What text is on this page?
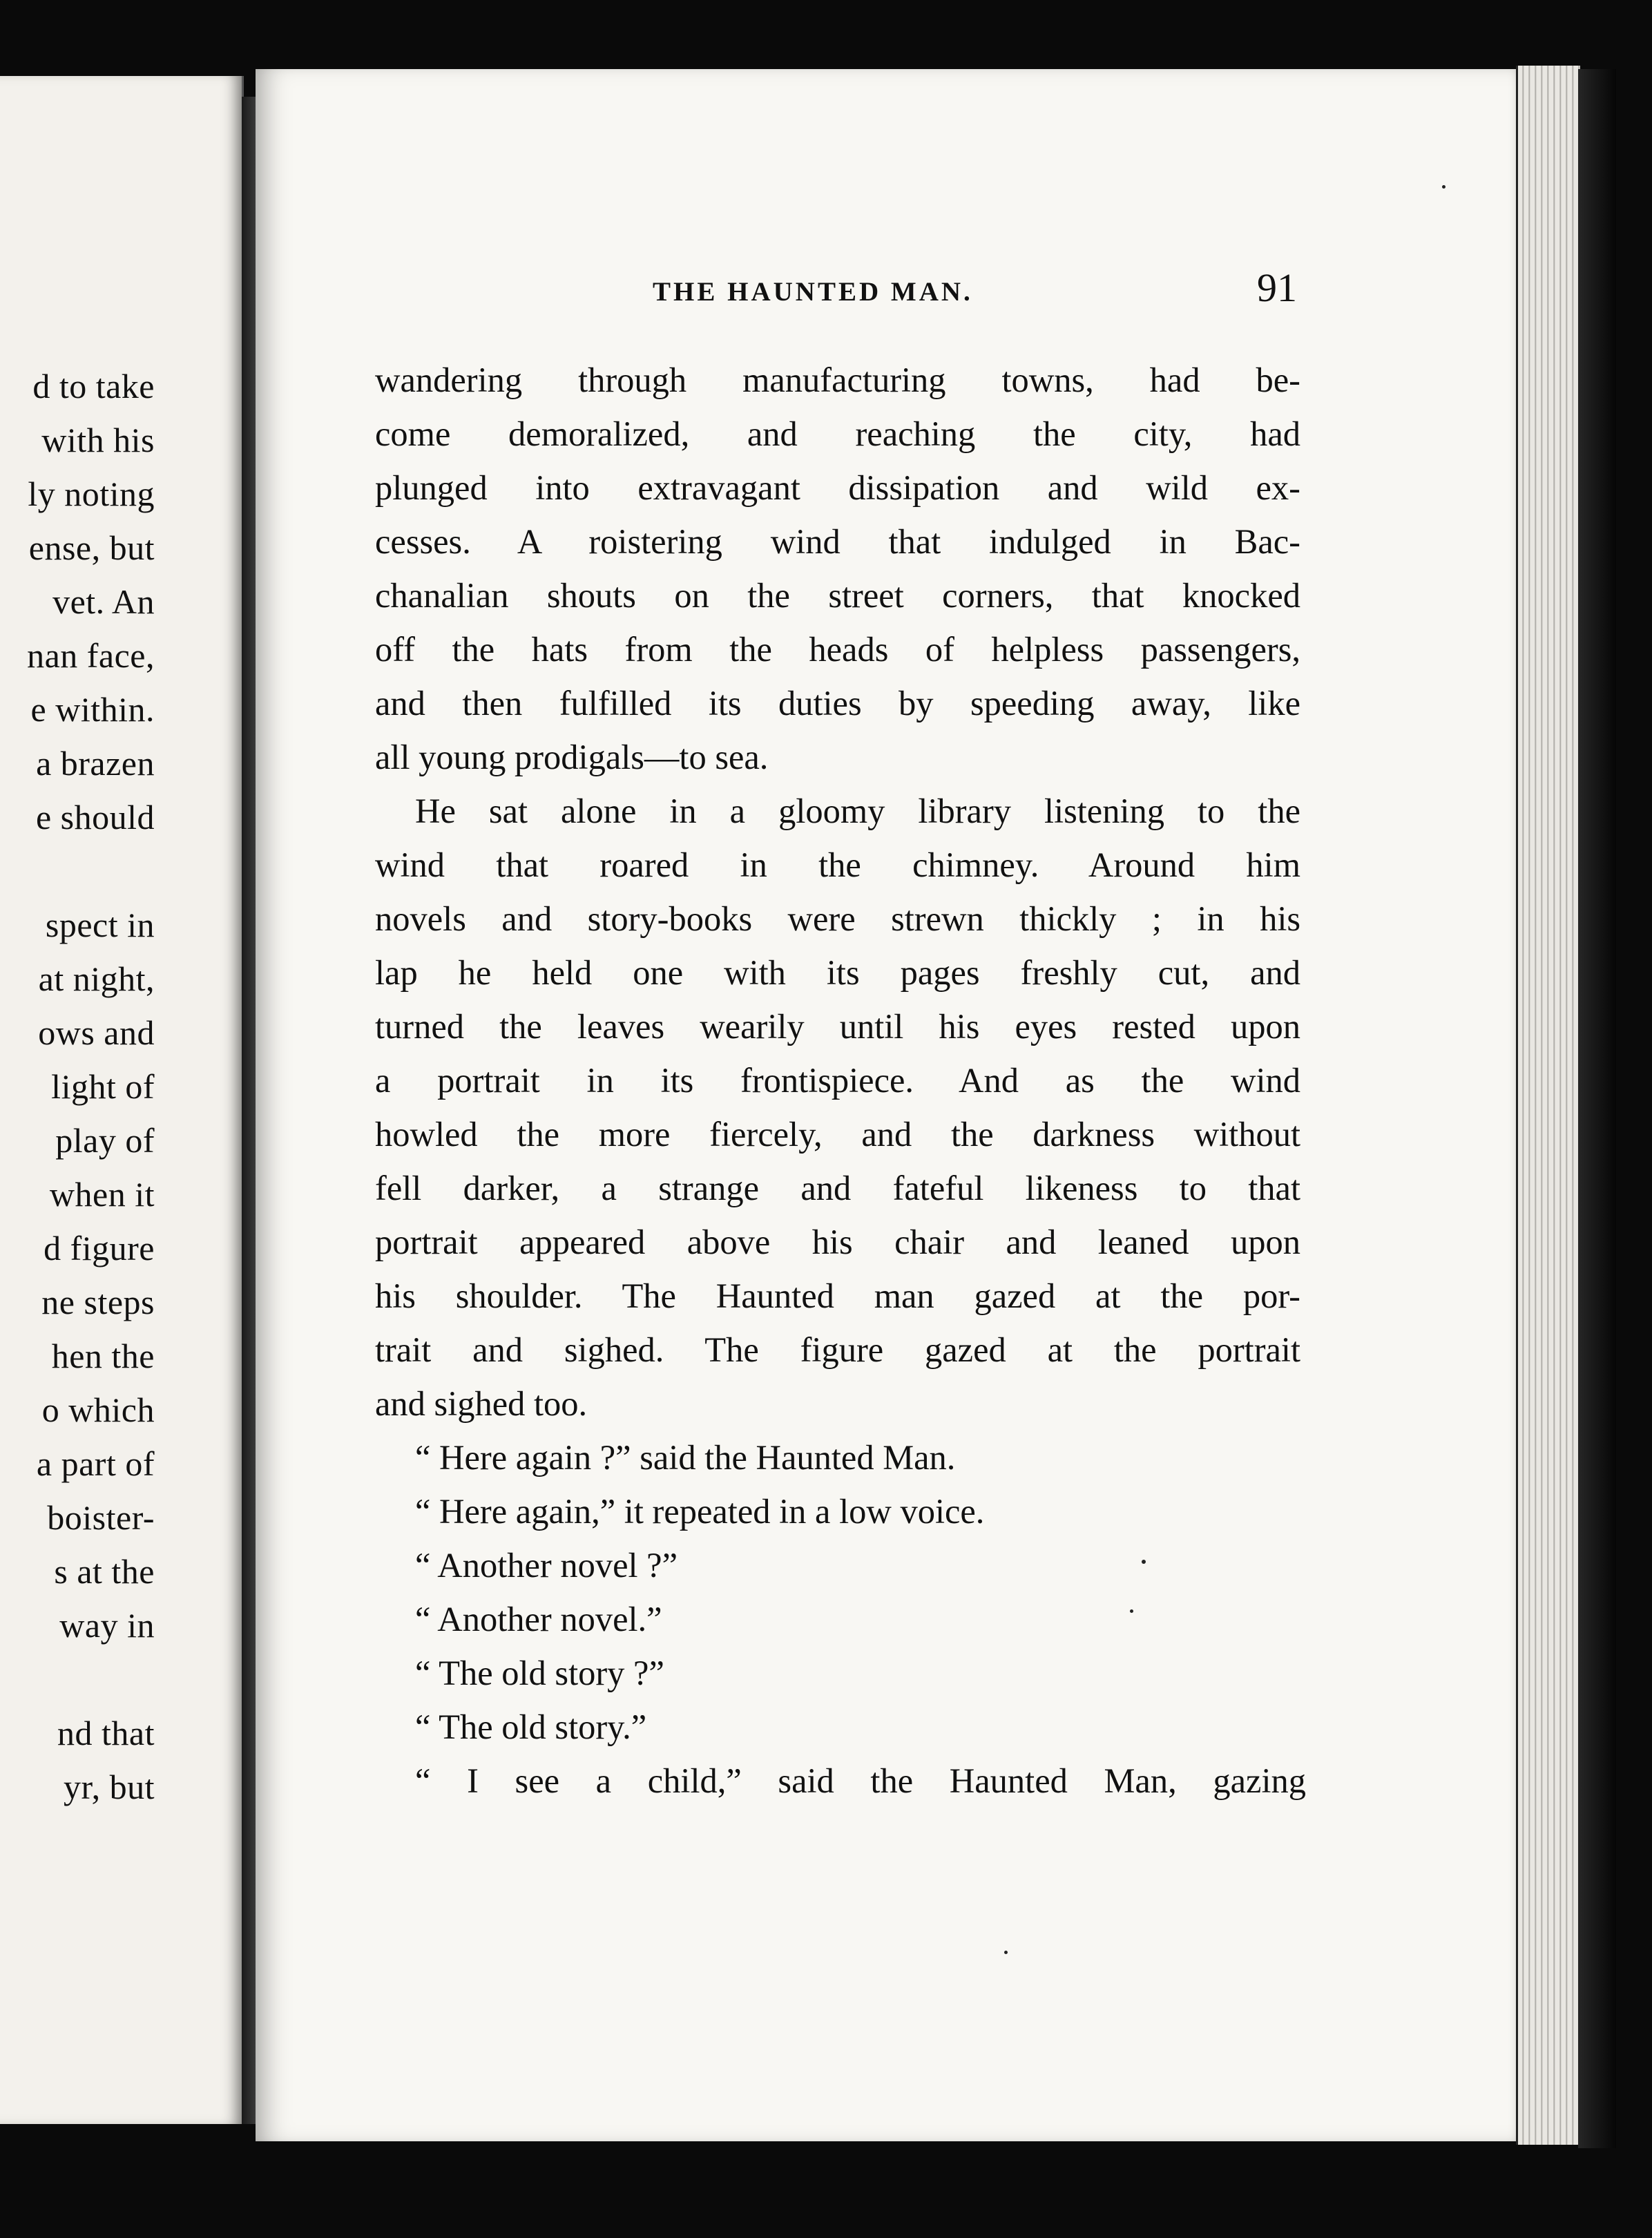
d to take
with his
ly noting
ense, but
vet. An
nan face,
e within.
a brazen
e should
spect in
at night,
ows and
light of
play of
when it
d figure
ne steps
hen the
o which
a part of
boister-
s at the
way in
nd that
yr, but
THE HAUNTED MAN.	91
wandering through manufacturing towns, had be-
come demoralized, and reaching the city, had
plunged into extravagant dissipation and wild ex-
cesses. A roistering wind that indulged in Bac-
chanalian shouts on the street corners, that knocked
off the hats from the heads of helpless passengers,
and then fulfilled its duties by speeding away, like
all young prodigals—to sea.
He sat alone in a gloomy library listening to the
wind that roared in the chimney. Around him
novels and story-books were strewn thickly ; in his
lap he held one with its pages freshly cut, and
turned the leaves wearily until his eyes rested upon
a portrait in its frontispiece. And as the wind
howled the more fiercely, and the darkness without
fell darker, a strange and fateful likeness to that
portrait appeared above his chair and leaned upon
his shoulder. The Haunted man gazed at the por-
trait and sighed. The figure gazed at the portrait
and sighed too.
“ Here again ?” said the Haunted Man.
“ Here again,” it repeated in a low voice.
“ Another novel ?”
“ Another novel.”
“ The old story ?”
“ The old story.”
“ I see a child,” said the Haunted Man, gazing
